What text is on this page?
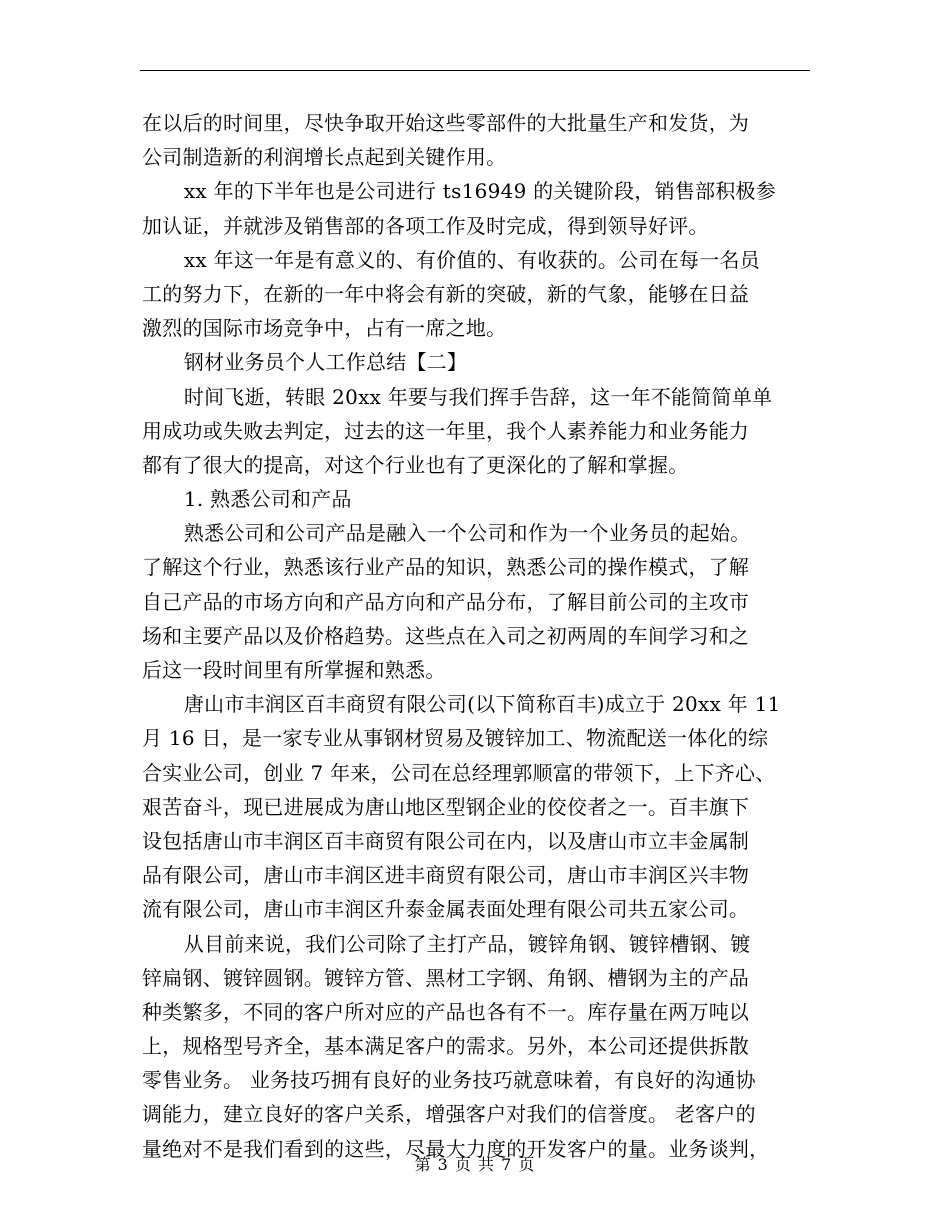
在以后的时间里，尽快争取开始这些零部件的大批量生产和发货，为
公司制造新的利润增长点起到关键作用。
xx 年的下半年也是公司进行 ts16949 的关键阶段，销售部积极参
加认证，并就涉及销售部的各项工作及时完成，得到领导好评。
xx 年这一年是有意义的、有价值的、有收获的。公司在每一名员
工的努力下，在新的一年中将会有新的突破，新的气象，能够在日益
激烈的国际市场竞争中，占有一席之地。
钢材业务员个人工作总结【二】
时间飞逝，转眼 20xx 年要与我们挥手告辞，这一年不能简简单单
用成功或失败去判定，过去的这一年里，我个人素养能力和业务能力
都有了很大的提高，对这个行业也有了更深化的了解和掌握。
1. 熟悉公司和产品
熟悉公司和公司产品是融入一个公司和作为一个业务员的起始。
了解这个行业，熟悉该行业产品的知识，熟悉公司的操作模式，了解
自己产品的市场方向和产品方向和产品分布，了解目前公司的主攻市
场和主要产品以及价格趋势。这些点在入司之初两周的车间学习和之
后这一段时间里有所掌握和熟悉。
唐山市丰润区百丰商贸有限公司(以下简称百丰)成立于 20xx 年 11
月 16 日，是一家专业从事钢材贸易及镀锌加工、物流配送一体化的综
合实业公司，创业 7 年来，公司在总经理郭顺富的带领下，上下齐心、
艰苦奋斗，现已进展成为唐山地区型钢企业的佼佼者之一。百丰旗下
设包括唐山市丰润区百丰商贸有限公司在内，以及唐山市立丰金属制
品有限公司，唐山市丰润区进丰商贸有限公司，唐山市丰润区兴丰物
流有限公司，唐山市丰润区升泰金属表面处理有限公司共五家公司。
从目前来说，我们公司除了主打产品，镀锌角钢、镀锌槽钢、镀
锌扁钢、镀锌圆钢。镀锌方管、黑材工字钢、角钢、槽钢为主的产品
种类繁多，不同的客户所对应的产品也各有不一。库存量在两万吨以
上，规格型号齐全，基本满足客户的需求。另外，本公司还提供拆散
零售业务。 业务技巧拥有良好的业务技巧就意味着，有良好的沟通协
调能力，建立良好的客户关系，增强客户对我们的信誉度。 老客户的
量绝对不是我们看到的这些，尽最大力度的开发客户的量。业务谈判，
第 3 页 共 7 页
